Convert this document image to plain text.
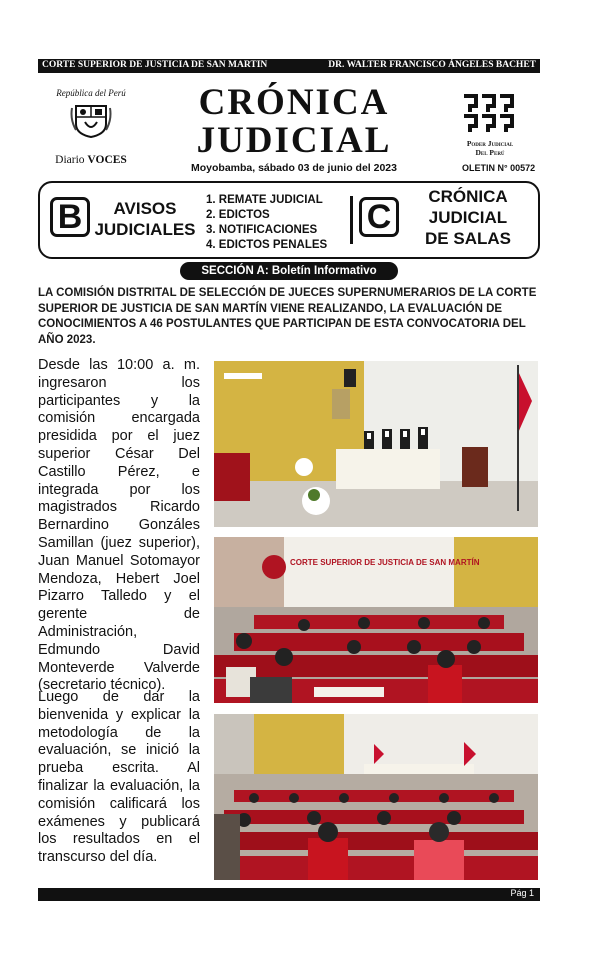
CORTE SUPERIOR DE JUSTICIA DE SAN MARTIN	DR. WALTER FRANCISCO ÁNGELES BACHET
República del Perú
Diario VOCES
CRÓNICA
JUDICIAL
Moyobamba, sábado 03 de junio del 2023
Poder Judicial
Del Perú
OLETIN N° 00572
B	AVISOS
JUDICIALES
1. REMATE JUDICIAL
2. EDICTOS
3. NOTIFICACIONES
4. EDICTOS PENALES
C
CRÓNICA
JUDICIAL
DE SALAS
SECCIÓN A: Boletín Informativo
LA COMISIÓN DISTRITAL DE SELECCIÓN DE JUECES SUPERNUMERARIOS DE LA CORTE SUPERIOR DE JUSTICIA DE SAN MARTÍN VIENE REALIZANDO, LA EVALUACIÓN DE CONOCIMIENTOS A 46 POSTULANTES QUE PARTICIPAN DE ESTA CONVOCATORIA DEL AÑO 2023.
Desde las 10:00 a. m. ingresaron los participantes y la comisión encargada presidida por el juez superior César Del Castillo Pérez, e integrada por los magistrados Ricardo Bernardino Gonzáles Samillan (juez superior), Juan Manuel Sotomayor Mendoza, Hebert Joel Pizarro Talledo y el gerente de Administración, Edmundo David Monteverde Valverde (secretario técnico).
Luego de dar la bienvenida y explicar la metodología de la evaluación, se inició la prueba escrita. Al finalizar la evaluación, la comisión calificará los exámenes y publicará los resultados en el transcurso del día.
CORTE SUPERIOR DE JUSTICIA DE SAN MARTÍN
Pág 1
